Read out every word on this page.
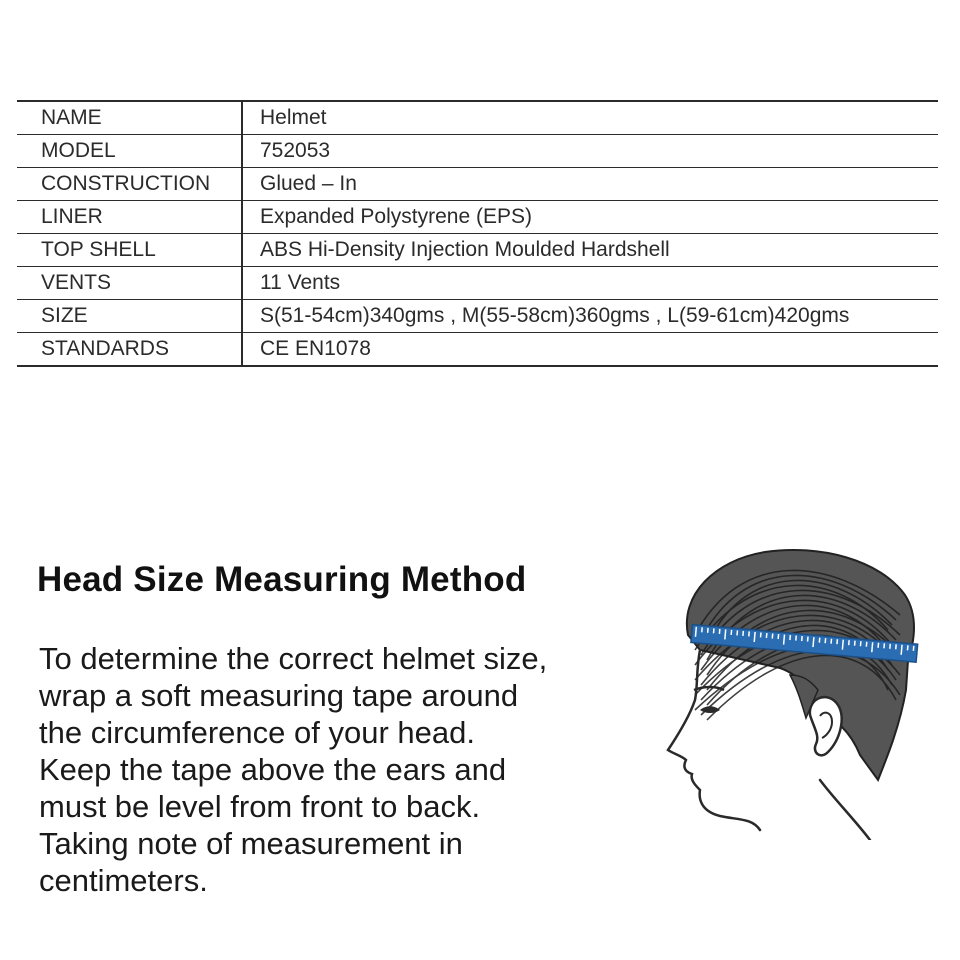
NAME	Helmet
MODEL	752053
CONSTRUCTION	Glued – In
LINER	Expanded Polystyrene (EPS)
TOP SHELL	ABS Hi-Density Injection Moulded Hardshell
VENTS	11 Vents
SIZE	S(51-54cm)340gms , M(55-58cm)360gms , L(59-61cm)420gms
STANDARDS	CE EN1078
Head Size Measuring Method
To determine the correct helmet size,
wrap a soft measuring tape around
the circumference of your head.
Keep the tape above the ears and
must be level from front to back.
Taking note of measurement in
centimeters.
